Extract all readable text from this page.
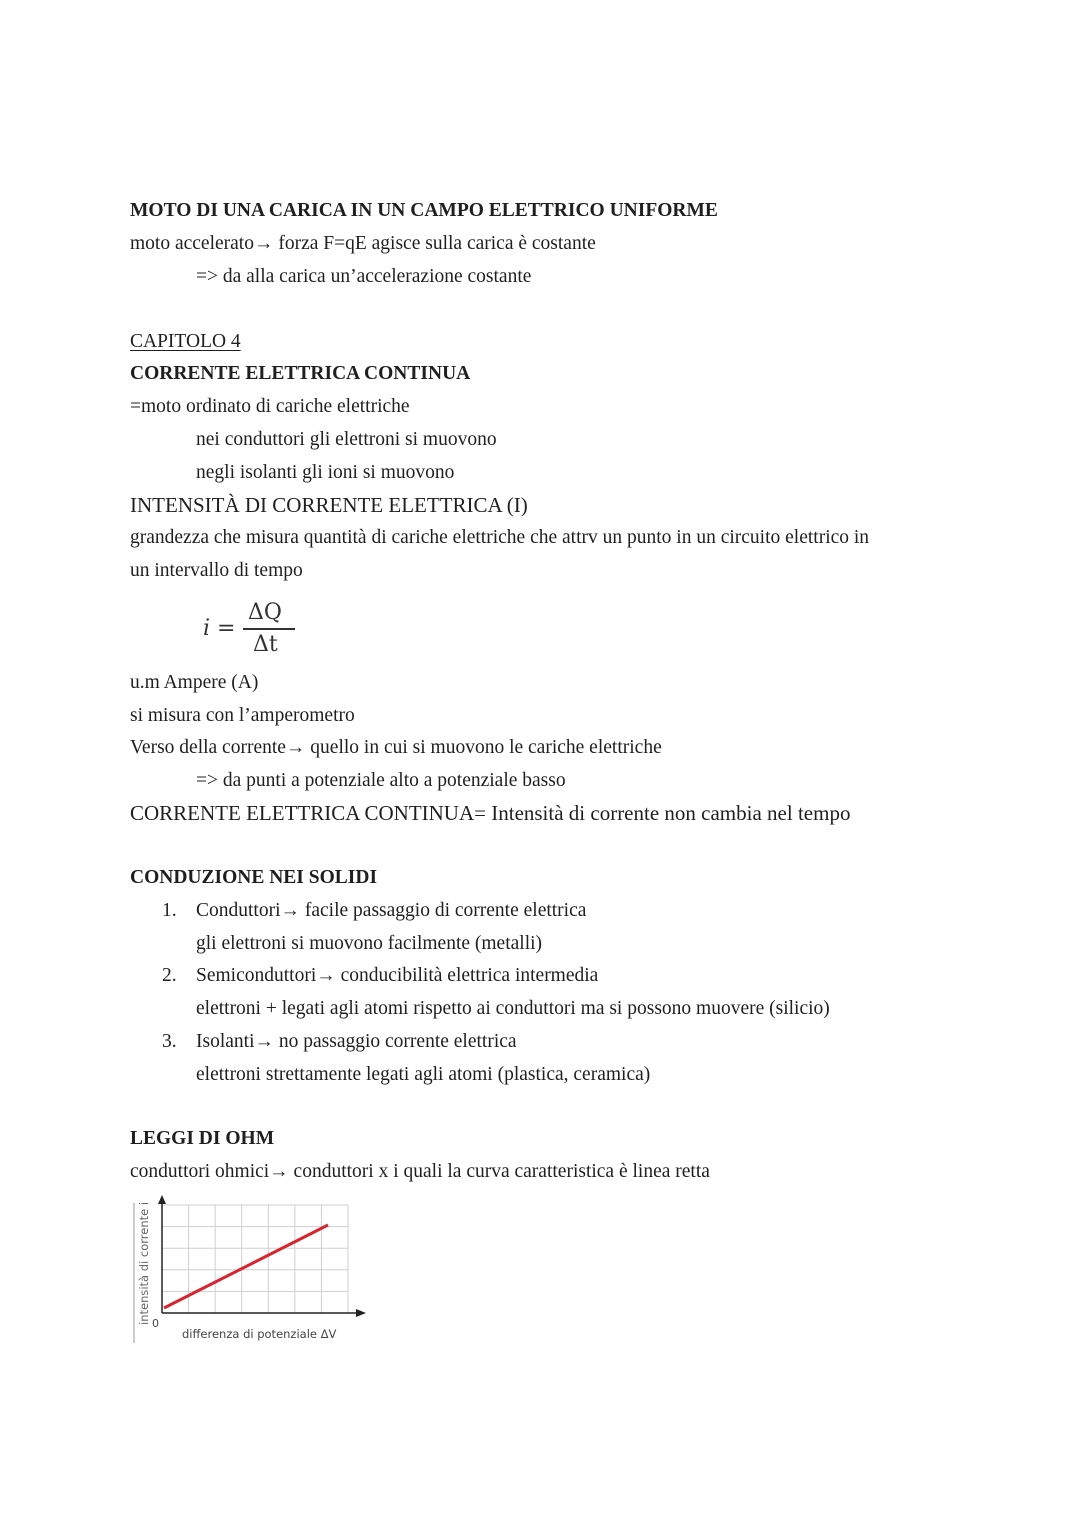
MOTO DI UNA CARICA IN UN CAMPO ELETTRICO UNIFORME
moto accelerato→ forza F=qE agisce sulla carica è costante
=> da alla carica un’accelerazione costante
CAPITOLO 4
CORRENTE ELETTRICA CONTINUA
=moto ordinato di cariche elettriche
nei conduttori gli elettroni si muovono
negli isolanti gli ioni si muovono
INTENSITÀ DI CORRENTE ELETTRICA (I)
grandezza che misura quantità di cariche elettriche che attrv un punto in un circuito elettrico in
un intervallo di tempo
i =
ΔQ
Δt
u.m Ampere (A)
si misura con l’amperometro
Verso della corrente→ quello in cui si muovono le cariche elettriche
=> da punti a potenziale alto a potenziale basso
CORRENTE ELETTRICA CONTINUA= Intensità di corrente non cambia nel tempo
CONDUZIONE NEI SOLIDI
1. Conduttori→ facile passaggio di corrente elettrica
gli elettroni si muovono facilmente (metalli)
2. Semiconduttori→ conducibilità elettrica intermedia
elettroni + legati agli atomi rispetto ai conduttori ma si possono muovere (silicio)
3. Isolanti→ no passaggio corrente elettrica
elettroni strettamente legati agli atomi (plastica, ceramica)
LEGGI DI OHM
conduttori ohmici→ conduttori x i quali la curva caratteristica è linea retta
0
differenza di potenziale ΔV
intensità di corrente i
